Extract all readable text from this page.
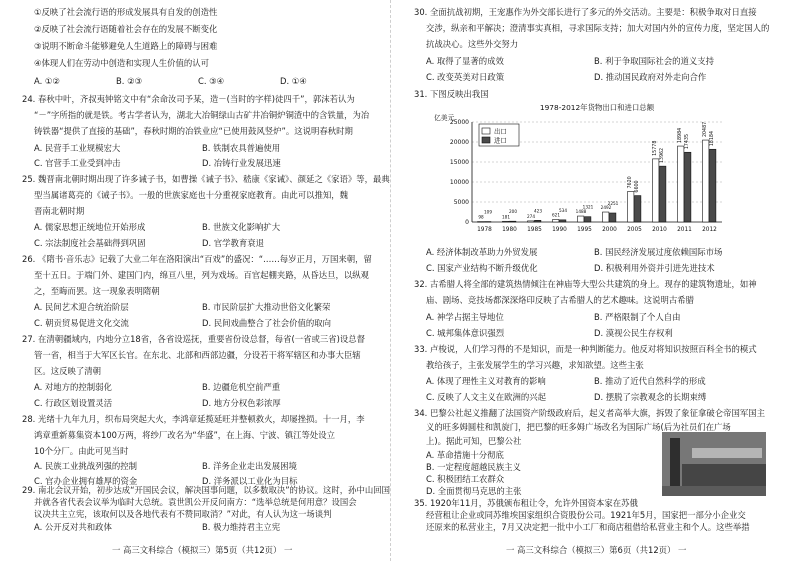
①反映了社会流行语的形成发展具有自发的创造性
②反映了社会流行语随着社会存在的发展不断变化
③说明不断命斗能够避免人生道路上的障碍与困难
④体现人们在劳动中创造和实现人生价值的认可
A. ①②	B. ②③	C. ③④	D. ①④
24. 春秋中叶，齐叔夷钟铭文中有“余命汝司予某，造－(当时的字样)徒四千”，郭沫若认为
“－”字所指的就是铁。考古学者认为，湖北大冶铜绿山古矿井冶铜炉铜渣中的含铁量，为冶
铸铁器“提供了直接的基础”，春秋时期的冶铁业应“已使用鼓风竖炉”。这说明春秋时期
A. 民营手工业规模宏大	B. 铁制农具普遍使用
C. 官营手工业受到冲击	D. 冶铸行业发展迅速
25. 魏晋南北朝时期出现了许多诫子书，如曹操《诫子书》、嵇康《家诫》、颜延之《家语》等，最典
型当属诸葛亮的《诫子书》。一般的世族家庭也十分重视家庭教育。由此可以推知，魏
晋南北朝时期
A. 儒家思想正统地位开始形成	B. 世族文化影响扩大
C. 宗法制度社会基础得到巩固	D. 官学教育衰退
26. 《隋书·音乐志》记载了大业二年在洛阳演出“百戏”的盛况：“……每岁正月，万国来朝，留
至十五日。于端门外、建国门内，绵亘八里，列为戏场。百官起棚夹路，从昏达旦，以纵观
之，至晦而罢。这一现象表明隋朝
A. 民间艺术迎合统治阶层	B. 市民阶层扩大推动世俗文化繁荣
C. 朝贡贸易促进文化交流	D. 民间戏曲整合了社会价值的取向
27. 在清朝疆域内，内地分立18省，各省设巡抚，重要省份设总督，每省(一省或三省)设总督
管一省，相当于大军区长官。在东北、北部和西部边疆，分设若干将军辖区和办事大臣辖
区。这反映了清朝
A. 对地方的控制弱化	B. 边疆危机空前严重
C. 行政区划设置灵活	D. 地方分权色彩浓厚
28. 光绪十九年九月，织布局突起大火，李鸿章延揽延旺并整顿救火，却屡挫损。十一月，李
鸿章重新募集资本100万两，将纱厂改名为“华盛”，在上海、宁波、镇江等处设立
10个分厂。由此可见当时
A. 民族工业挑战列强的控制	B. 洋务企业走出发展困境
C. 官办企业拥有雄厚的资金	D. 洋务派以工业化为目标
29. 南北会议开始，初步达成“开国民会议，解决国事问题，以多数取决”的协议。这时，孙中山回国
并就各省代表会议举为临时大总统。袁世凯公开反问南方：“选举总统是何用意？设国会
议决共主立宪，该取何以及各地代表有不赞同取消？”对此，有人认为这一场谈判
A. 公开反对共和政体	B. 极力维持君主立宪
一 高三文科综合（模拟三）第5页（共12页） 一
30. 全面抗战初期，王宠惠作为外交部长进行了多元的外交活动。主要是：积极争取对日直接
交涉，纵亲和平解决；澄清事实真相，寻求国际支持；加大对国内外的宣传力度，坚定国人的
抗战决心。这些外交努力
A. 取得了显著的成效	B. 利于争取国际社会的道义支持
C. 改变英美对日政策	D. 推动国民政府对外走向合作
31. 下图反映出我国
1978-2012年货物出口和进口总额
亿美元
0
5000
10000
15000
20000
25000
98
109
1978
181
200
1980
274
423
1985
621
534
1990
1488
1321
1995
2492
2251
2000
7620 6600
2005
15778 13962
2010
18984 17435
2011
20487
18184
2012
出口
进口
A. 经济体制改革助力外贸发展	B. 国民经济发展过度依赖国际市场
C. 国家产业结构不断升级优化	D. 积极利用外资并引进先进技术
32. 古希腊人将全部的建筑热情倾注在神庙等大型公共建筑的身上。现存的建筑物遗址，如神
庙、剧场、竞技场都深深烙印反映了古希腊人的艺术趣味。这说明古希腊
A. 神学占据主导地位	B. 严格限制了个人自由
C. 城邦集体意识强烈	D. 漠视公民生存权利
33. 卢梭说，人们学习得的不是知识，而是一种判断能力。他反对将知识按照百科全书的模式
教给孩子，主张发展学生的学习兴趣，求知欲望。这些主张
A. 体现了理性主义对教育的影响	B. 推动了近代自然科学的形成
C. 反映了人文主义在欧洲的兴起	D. 摆脱了宗教观念的长期束缚
34. 巴黎公社起义推翻了法国资产阶级政府后，起义者高举大旗，拆毁了象征拿破仑帝国军国主
义的旺多姆圆柱和凯旋门，把巴黎的旺多姆广场改名为国际广场(后为社员们在广场
上)。据此可知，巴黎公社
A. 革命措施十分彻底
B. 一定程度超越民族主义
C. 积极团结工农群众
D. 全面贯彻马克思的主张
35. 1920年11月，苏俄颁布租让令，允许外国资本家在苏俄
经营租让企业或同苏维埃国家组织合资股份公司。1921年5月，国家把一部分小企业交
还原来的私营业主，7月又决定把一批中小工厂和商店租借给私营业主和个人。这些举措
一 高三文科综合（模拟三）第6页（共12页） 一
